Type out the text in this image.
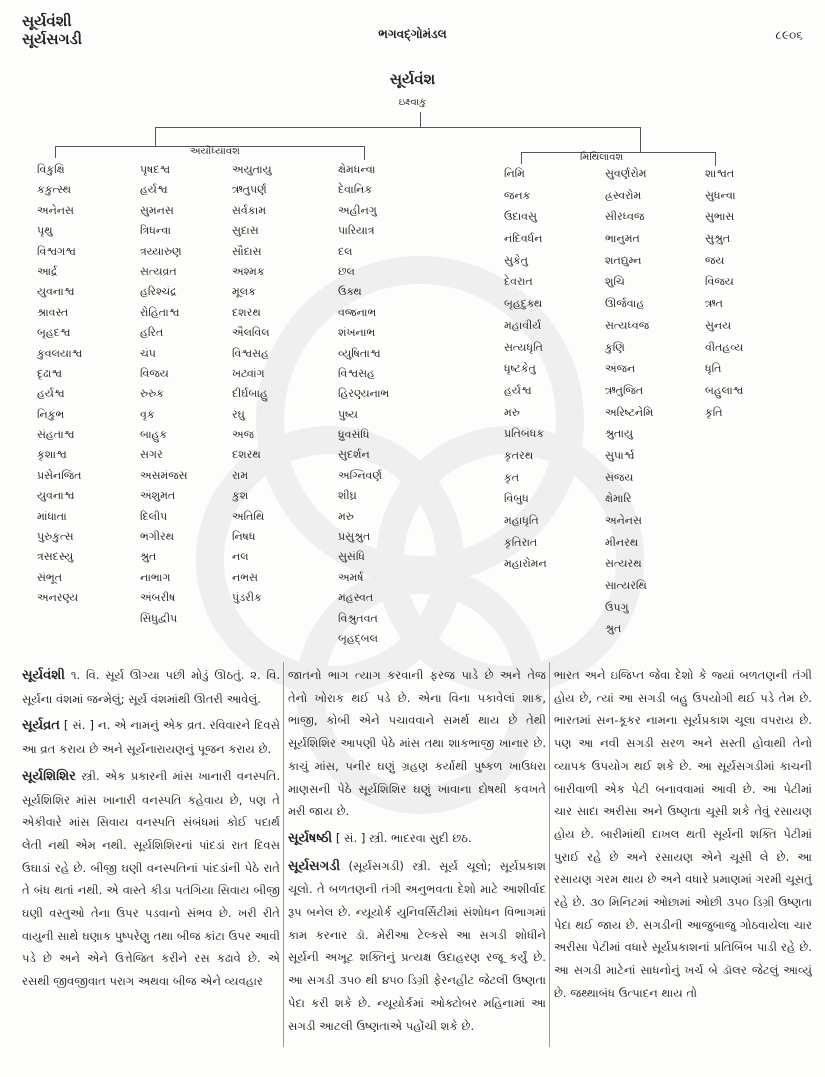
સૂર્યવંશી
સૂર્યસગડી	ભગવદ્ગોમંડલ	૮૯૦૬
સૂર્યવંશ
ઇક્ષ્વાકુ
અયોધ્યાવંશ
મિથિલાવંશ
વિકુક્ષિ
કકુત્સ્થ
અનેનસ
પૃથુ
વિશ્વગશ્વ
આર્દ્ર
યુવનાશ્વ
શ્રાવસ્ત
બૃહદશ્વ
કુવલયાશ્વ
દૃઢાશ્વ
હર્યશ્વ
નિકુંભ
સંહતાશ્વ
કૃશાશ્વ
પ્રસેનજિત
યુવનાશ્વ
માંધાતા
પુરુકુત્સ
ત્રસદસ્યુ
સંભૂત
અનરણ્ય
પૃષદશ્વ
હર્યશ્વ
સુમનસ
ત્રિધન્વા
ત્રય્યારુણ
સત્યવ્રત
હરિશ્ચંદ્ર
રોહિતાશ્વ
હરિત
ચંપ
વિજય
રુરુક
વૃક
બાહુક
સગર
અસમંજસ
અંશુમત
દિલીપ
ભગીરથ
શ્રુત
નાભાગ
અંબરીષ
સિંધુદ્વીપ
અયુતાયુ
ઋતુપર્ણ
સર્વકામ
સુદાસ
સૌદાસ
અશ્મક
મૂલક
દશરથ
ઐલવિલ
વિશ્વસહ
ખટ્વાંગ
દીર્ઘબાહુ
રઘુ
અજ
દશરથ
રામ
કુશ
અતિથિ
નિષધ
નલ
નભસ
પુંડરીક
ક્ષેમધન્વા
દેવાનિક
અહીનગુ
પારિયાત્ર
દલ
છલ
ઉક્થ
વજ્રનાભ
શંખનાભ
વ્યુષિતાશ્વ
વિશ્વસહ
હિરણ્યનાભ
પુષ્ય
ધ્રુવસંધિ
સુદર્શન
અગ્નિવર્ણ
શીઘ્ર
મરુ
પ્રસુશ્રુત
સુસંધિ
અમર્ષ
મહસ્વત
વિશ્રુતવત
બૃહદ્બલ
નિમિ
જનક
ઉદાવસુ
નંદિવર્ધન
સુકેતુ
દેવરાત
બૃહદુક્થ
મહાવીર્ય
સત્યધૃતિ
ધૃષ્ટકેતુ
હર્યશ્વ
મરુ
પ્રતિબંધક
કૃતરથ
કૃત
વિબુધ
મહાધૃતિ
કૃતિરાત
મહારોમન
સુવર્ણરોમ
હ્રસ્વરોમ
સીરધ્વજ
ભાનુમત
શતદ્યુમ્ન
શુચિ
ઊર્જવાહ
સત્યધ્વજ
કુણિ
અંજન
ઋતુજિત
અરિષ્ટનેમિ
શ્રુતાયુ
સુપાર્શ્વ
સંજય
ક્ષેમારિ
અનેનસ
મીનરથ
સત્યરથ
સાત્યરથિ
ઉપગુ
શ્રુત
શાશ્વત
સુધન્વા
સુભાસ
સુશ્રુત
જય
વિજય
ઋત
સુનય
વીતહવ્ય
ધૃતિ
બહુલાશ્વ
કૃતિ

સૂર્યવંશી ૧. વિ. સૂર્ય ઊગ્યા પછી મોડું ઊઠતું. ૨. વિ. સૂર્યના વંશમાં જન્મેલું; સૂર્ય વંશમાંથી ઊતરી આવેલું.

સૂર્યવ્રત [ સં. ] ન. એ નામનું એક વ્રત. રવિવારને દિવસે આ વ્રત કરાય છે અને સૂર્યનારાયણનું પૂજન કરાય છે.

સૂર્યશિશિર સ્ત્રી. એક પ્રકારની માંસ ખાનારી વનસ્પતિ. સૂર્યશિશિર માંસ ખાનારી વનસ્પતિ કહેવાય છે, પણ તે એકીવારે માંસ સિવાય વનસ્પતિ સંબંધમાં કોઈ પદાર્થ લેતી નથી એમ નથી. સૂર્યશિશિરનાં પાંદડાં રાત દિવસ ઉઘાડાં રહે છે. બીજી ઘણી વનસ્પતિનાં પાંદડાંની પેઠે રાતે તે બંધ થતાં નથી. એ વાસ્તે કીડા પતંગિયા સિવાય બીજી ઘણી વસ્તુઓ તેના ઉપર પડવાનો સંભવ છે. ખરી રીતે વાયુની સાથે ઘણાક પુષ્પરેણુ તથા બીજ કાંટા ઉપર આવી પડે છે અને એને ઉત્તેજિત કરીને રસ કઢાવે છે. એ રસથી જીવજીવાત પરાગ અથવા બીજ એને વ્યવહાર

જાતનો ભાગ ત્યાગ કરવાની ફરજ પાડે છે અને તેજ તેનો ખોરાક થઈ પડે છે. એના વિના પકાવેલાં શાક, ભાજી, કોબી એને પચાવવાને સમર્થ થાય છે તેથી સૂર્યશિશિર આપણી પેઠે માંસ તથા શાકભાજી ખાનાર છે. કાચું માંસ, પનીર ઘણું ગ્રહણ કર્યાથી પુષ્કળ ખાઉધરા માણસની પેઠે સૂર્યશિશિર ઘણું ખાવાના દોષથી કવખતે મરી જાય છે.

સૂર્યષષ્ઠી [ સં. ] સ્ત્રી. ભાદરવા સુદી છઠ.

સૂર્યસગડી (સૂર્યસગડી) સ્ત્રી. સૂર્ય ચૂલો; સૂર્યપ્રકાશ ચૂલો. તે બળતણની તંગી અનુભવતા દેશો માટે આશીર્વાદ રૂપ બનેલ છે. ન્યૂયોર્ક યુનિવર્સિટીમાં સંશોધન વિભાગમાં કામ કરનાર ડૉ. મેરીઆ ટેલ્કસે આ સગડી શોધીને સૂર્યની અખૂટ શક્તિનું પ્રત્યક્ષ ઉદાહરણ રજૂ કર્યું છે. આ સગડી ૩૫૦ થી ૪૫૦ ડિગ્રી ફેરનહીટ જેટલી ઉષ્ણતા પેદા કરી શકે છે. ન્યૂયોર્કમાં ઓક્ટોબર મહિનામાં આ સગડી આટલી ઉષ્ણતાએ પહોંચી શકે છે.

ભારત અને ઇજિપ્ત જેવા દેશો કે જ્યાં બળતણની તંગી હોય છે, ત્યાં આ સગડી બહુ ઉપયોગી થઈ પડે તેમ છે. ભારતમાં સન-કૂકર નામના સૂર્યપ્રકાશ ચૂલા વપરાય છે. પણ આ નવી સગડી સરળ અને સસ્તી હોવાથી તેનો વ્યાપક ઉપયોગ થઈ શકે છે. આ સૂર્યસગડીમાં કાચની બારીવાળી એક પેટી બનાવવામાં આવી છે. આ પેટીમાં ચાર સાદા અરીસા અને ઉષ્ણતા ચૂસી શકે તેવું રસાયણ હોય છે. બારીમાંથી દાખલ થતી સૂર્યની શક્તિ પેટીમાં પુરાઈ રહે છે અને રસાયણ એને ચૂસી લે છે. આ રસાયણ ગરમ થાય છે અને વધારે પ્રમાણમાં ગરમી ચૂસતું રહે છે. ૩૦ મિનિટમાં ઓછામાં ઓછી ૩૫૦ ડિગ્રી ઉષ્ણતા પેદા થઈ જાય છે. સગડીની આજુબાજુ ગોઠવાયેલા ચાર અરીસા પેટીમાં વધારે સૂર્યપ્રકાશનાં પ્રતિબિંબ પાડી રહે છે. આ સગડી માટેનાં સાધનોનું ખર્ચ બે ડૉલર જેટલું આવ્યું છે. જથ્થાબંધ ઉત્પાદન થાય તો
